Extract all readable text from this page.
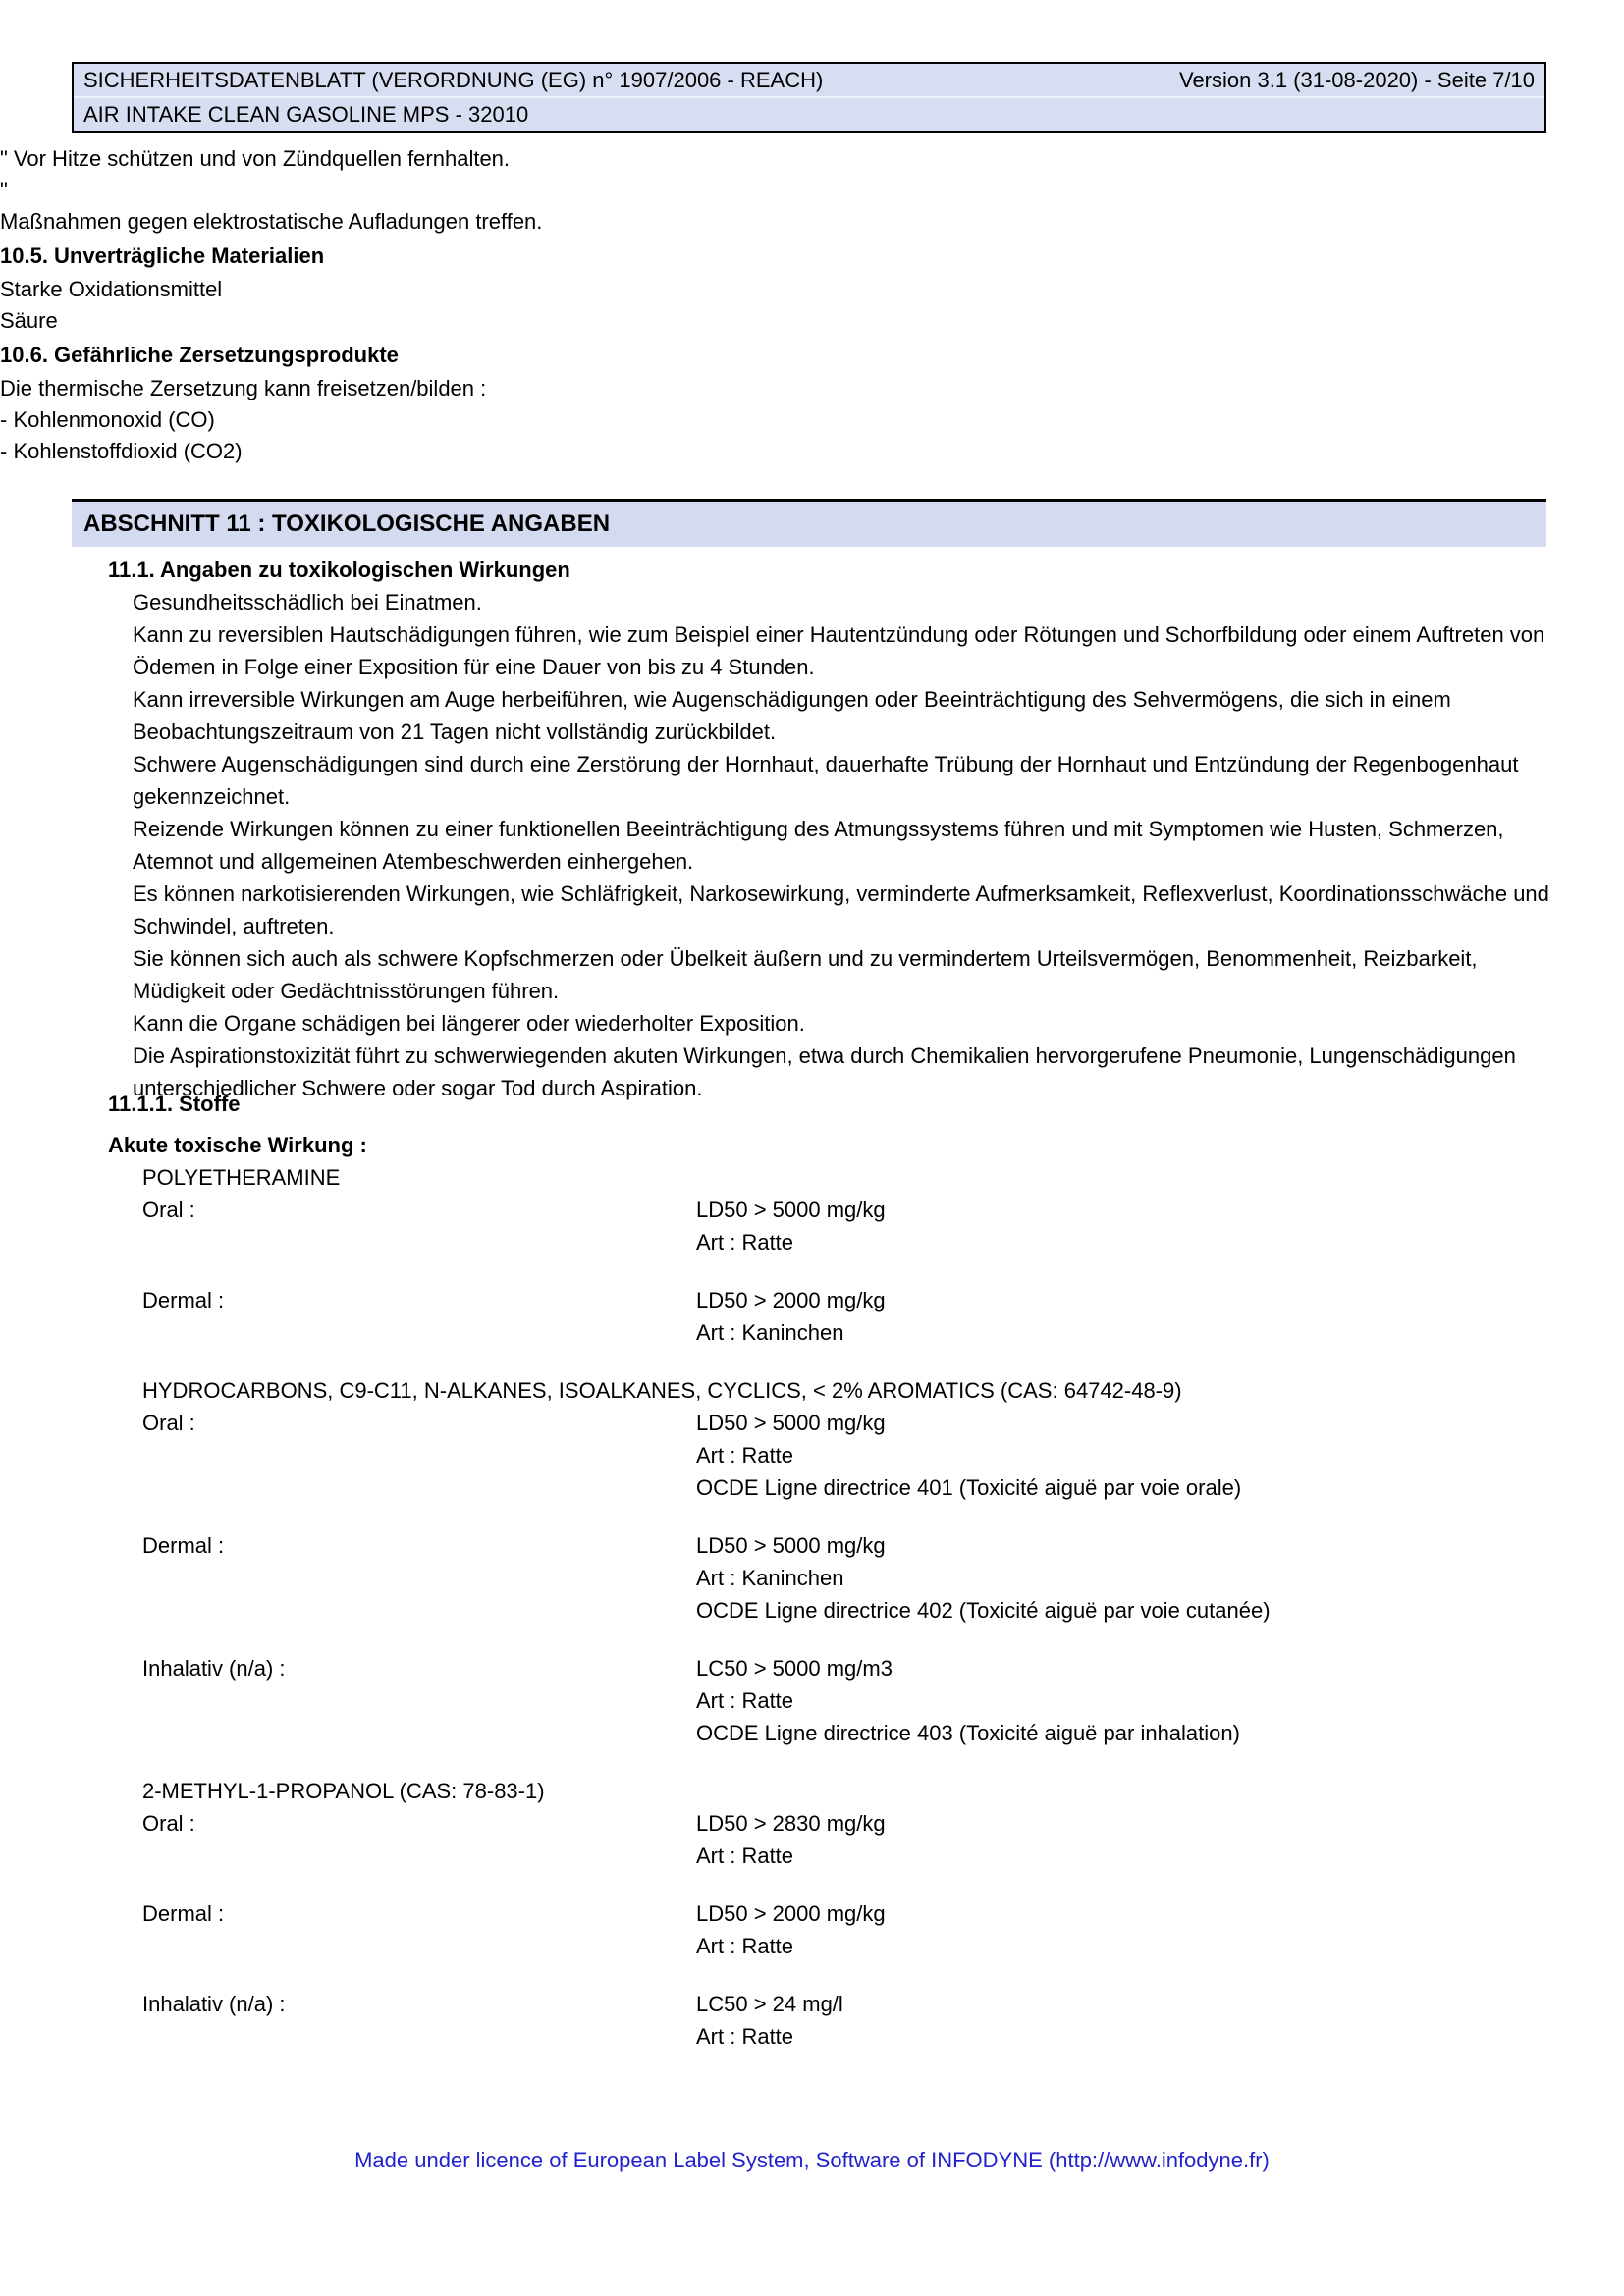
SICHERHEITSDATENBLATT (VERORDNUNG (EG) n° 1907/2006 - REACH)	Version 3.1 (31-08-2020) - Seite 7/10
AIR INTAKE CLEAN GASOLINE MPS - 32010

" Vor Hitze schützen und von Zündquellen fernhalten.

"

Maßnahmen gegen elektrostatische Aufladungen treffen.

10.5. Unverträgliche Materialien

Starke Oxidationsmittel

Säure

10.6. Gefährliche Zersetzungsprodukte

Die thermische Zersetzung kann freisetzen/bilden :

- Kohlenmonoxid (CO)

- Kohlenstoffdioxid (CO2)

ABSCHNITT 11 : TOXIKOLOGISCHE ANGABEN
11.1. Angaben zu toxikologischen Wirkungen

Gesundheitsschädlich bei Einatmen.

Kann zu reversiblen Hautschädigungen führen, wie zum Beispiel einer Hautentzündung oder Rötungen und Schorfbildung oder einem Auftreten von Ödemen in Folge einer Exposition für eine Dauer von bis zu 4 Stunden.

Kann irreversible Wirkungen am Auge herbeiführen, wie Augenschädigungen oder Beeinträchtigung des Sehvermögens, die sich in einem Beobachtungszeitraum von 21 Tagen nicht vollständig zurückbildet.

Schwere Augenschädigungen sind durch eine Zerstörung der Hornhaut, dauerhafte Trübung der Hornhaut und Entzündung der Regenbogenhaut gekennzeichnet.

Reizende Wirkungen können zu einer funktionellen Beeinträchtigung des Atmungssystems führen und mit Symptomen wie Husten, Schmerzen, Atemnot und allgemeinen Atembeschwerden einhergehen.

Es können narkotisierenden Wirkungen, wie Schläfrigkeit, Narkosewirkung, verminderte Aufmerksamkeit, Reflexverlust, Koordinationsschwäche und Schwindel, auftreten.

Sie können sich auch als schwere Kopfschmerzen oder Übelkeit äußern und zu vermindertem Urteilsvermögen, Benommenheit, Reizbarkeit, Müdigkeit oder Gedächtnisstörungen führen.

Kann die Organe schädigen bei längerer oder wiederholter Exposition.

Die Aspirationstoxizität führt zu schwerwiegenden akuten Wirkungen, etwa durch Chemikalien hervorgerufene Pneumonie, Lungenschädigungen unterschiedlicher Schwere oder sogar Tod durch Aspiration.

11.1.1. Stoffe

Akute toxische Wirkung :

POLYETHERAMINE
Oral :	LD50 > 5000 mg/kg
Art : Ratte
Dermal :	LD50 > 2000 mg/kg
Art : Kaninchen
HYDROCARBONS, C9-C11, N-ALKANES, ISOALKANES, CYCLICS, < 2% AROMATICS (CAS: 64742-48-9)
Oral :	LD50 > 5000 mg/kg
Art : Ratte
OCDE Ligne directrice 401 (Toxicité aiguë par voie orale)
Dermal :	LD50 > 5000 mg/kg
Art : Kaninchen
OCDE Ligne directrice 402 (Toxicité aiguë par voie cutanée)
Inhalativ (n/a) :	LC50 > 5000 mg/m3
Art : Ratte
OCDE Ligne directrice 403 (Toxicité aiguë par inhalation)
2-METHYL-1-PROPANOL (CAS: 78-83-1)
Oral :	LD50 > 2830 mg/kg
Art : Ratte
Dermal :	LD50 > 2000 mg/kg
Art : Ratte
Inhalativ (n/a) :	LC50 > 24 mg/l
Art : Ratte
Made under licence of European Label System, Software of INFODYNE (http://www.infodyne.fr)
